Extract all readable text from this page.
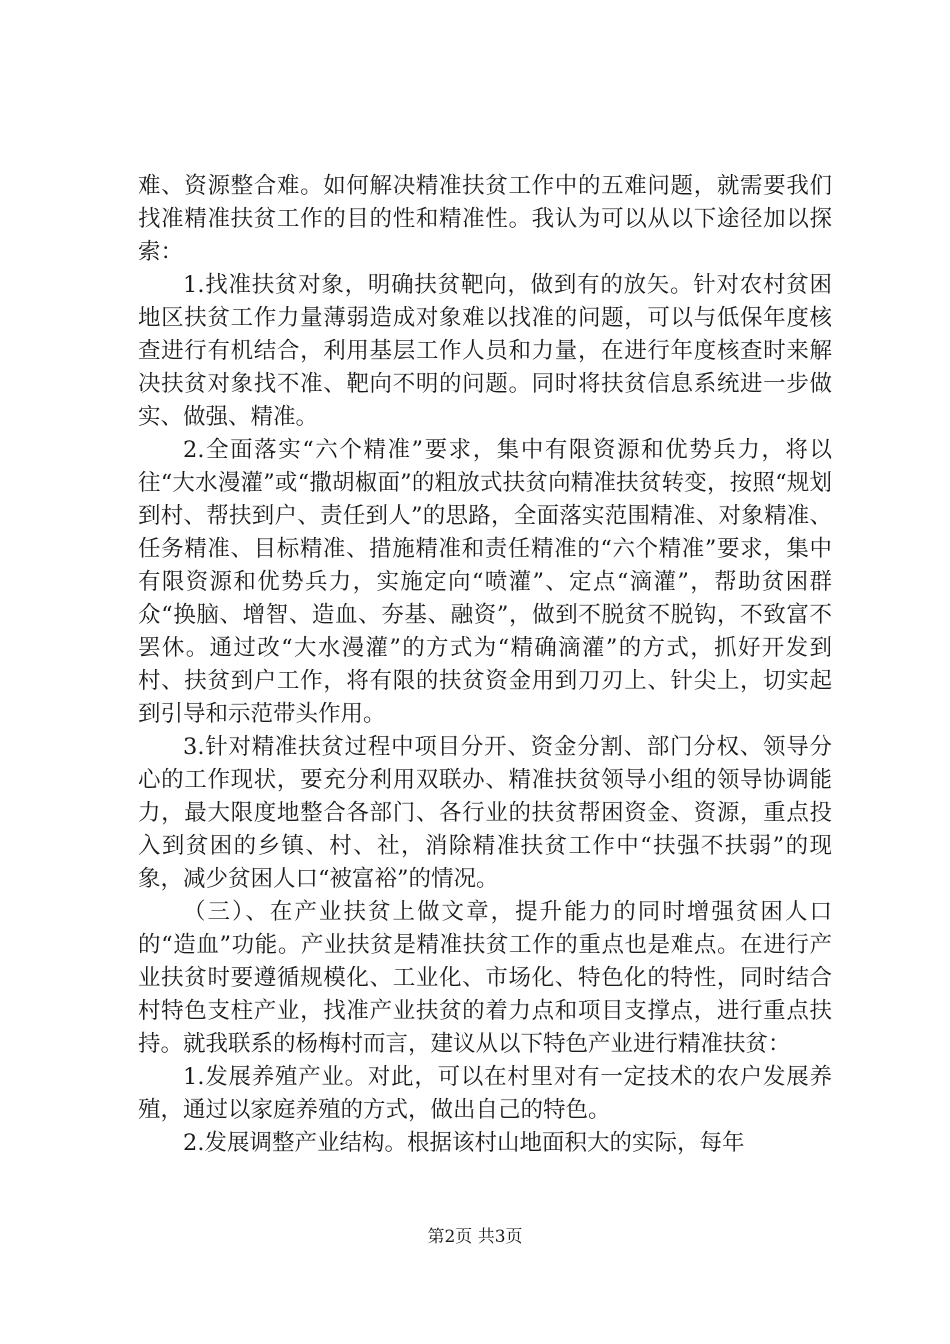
难、资源整合难。如何解决精准扶贫工作中的五难问题，就需要我们找准精准扶贫工作的目的性和精准性。我认为可以从以下途径加以探索：

1.找准扶贫对象，明确扶贫靶向，做到有的放矢。针对农村贫困地区扶贫工作力量薄弱造成对象难以找准的问题，可以与低保年度核查进行有机结合，利用基层工作人员和力量，在进行年度核查时来解决扶贫对象找不准、靶向不明的问题。同时将扶贫信息系统进一步做实、做强、精准。

2.全面落实“六个精准”要求，集中有限资源和优势兵力，将以往“大水漫灌”或“撒胡椒面”的粗放式扶贫向精准扶贫转变，按照“规划到村、帮扶到户、责任到人”的思路，全面落实范围精准、对象精准、任务精准、目标精准、措施精准和责任精准的“六个精准”要求，集中有限资源和优势兵力，实施定向“喷灌”、定点“滴灌”，帮助贫困群众“换脑、增智、造血、夯基、融资”，做到不脱贫不脱钩，不致富不罢休。通过改“大水漫灌”的方式为“精确滴灌”的方式，抓好开发到村、扶贫到户工作，将有限的扶贫资金用到刀刃上、针尖上，切实起到引导和示范带头作用。

3.针对精准扶贫过程中项目分开、资金分割、部门分权、领导分心的工作现状，要充分利用双联办、精准扶贫领导小组的领导协调能力，最大限度地整合各部门、各行业的扶贫帮困资金、资源，重点投入到贫困的乡镇、村、社，消除精准扶贫工作中“扶强不扶弱”的现象，减少贫困人口“被富裕”的情况。

（三）、在产业扶贫上做文章，提升能力的同时增强贫困人口的“造血”功能。产业扶贫是精准扶贫工作的重点也是难点。在进行产业扶贫时要遵循规模化、工业化、市场化、特色化的特性，同时结合村特色支柱产业，找准产业扶贫的着力点和项目支撑点，进行重点扶持。就我联系的杨梅村而言，建议从以下特色产业进行精准扶贫：

1.发展养殖产业。对此，可以在村里对有一定技术的农户发展养殖，通过以家庭养殖的方式，做出自己的特色。

2.发展调整产业结构。根据该村山地面积大的实际，每年

第2页 共3页
